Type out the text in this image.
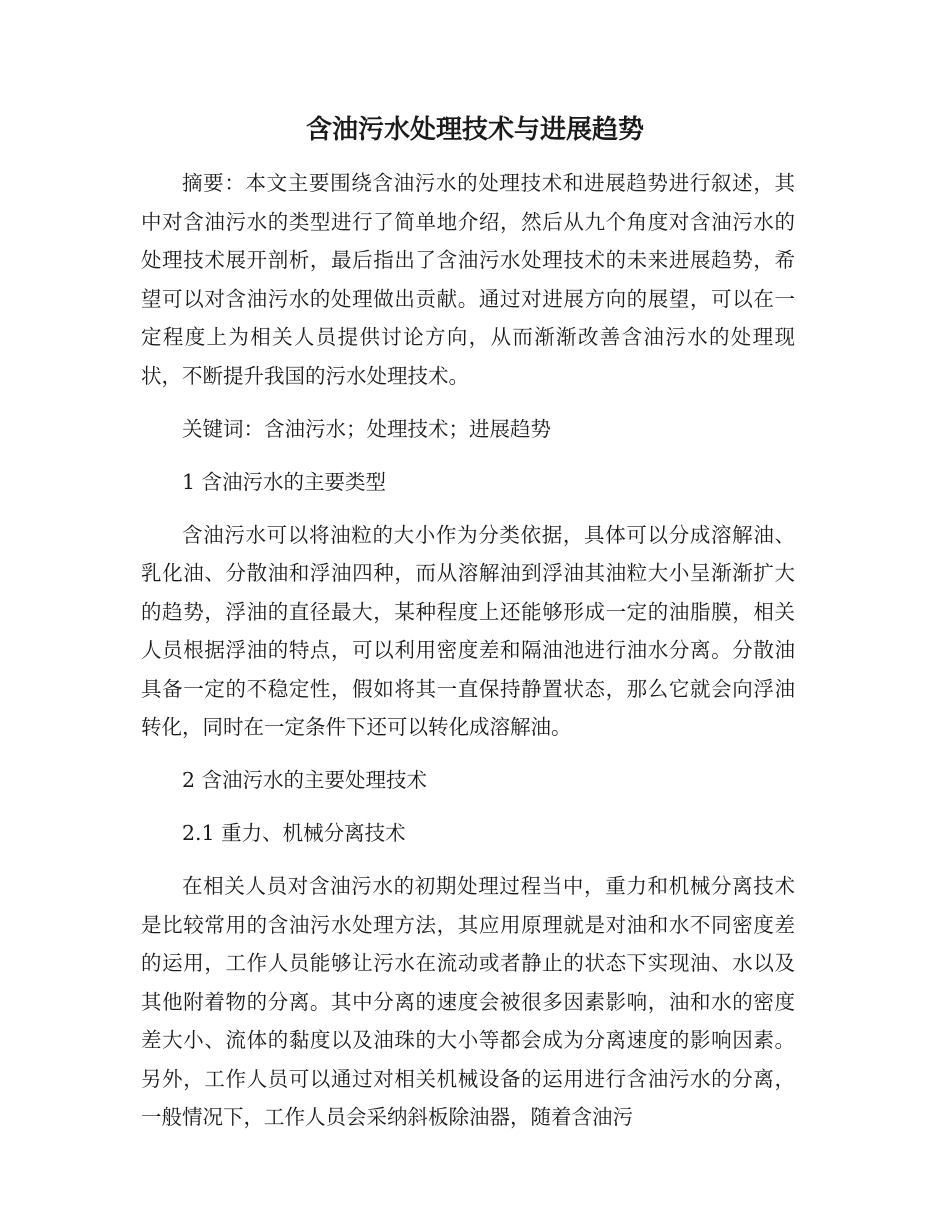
含油污水处理技术与进展趋势

摘要：本文主要围绕含油污水的处理技术和进展趋势进行叙述，其中对含油污水的类型进行了简单地介绍，然后从九个角度对含油污水的处理技术展开剖析，最后指出了含油污水处理技术的未来进展趋势，希望可以对含油污水的处理做出贡献。通过对进展方向的展望，可以在一定程度上为相关人员提供讨论方向，从而渐渐改善含油污水的处理现状，不断提升我国的污水处理技术。

关键词：含油污水；处理技术；进展趋势

1 含油污水的主要类型

含油污水可以将油粒的大小作为分类依据，具体可以分成溶解油、乳化油、分散油和浮油四种，而从溶解油到浮油其油粒大小呈渐渐扩大的趋势，浮油的直径最大，某种程度上还能够形成一定的油脂膜，相关人员根据浮油的特点，可以利用密度差和隔油池进行油水分离。分散油具备一定的不稳定性，假如将其一直保持静置状态，那么它就会向浮油转化，同时在一定条件下还可以转化成溶解油。

2 含油污水的主要处理技术

2.1 重力、机械分离技术

在相关人员对含油污水的初期处理过程当中，重力和机械分离技术是比较常用的含油污水处理方法，其应用原理就是对油和水不同密度差的运用，工作人员能够让污水在流动或者静止的状态下实现油、水以及其他附着物的分离。其中分离的速度会被很多因素影响，油和水的密度差大小、流体的黏度以及油珠的大小等都会成为分离速度的影响因素。另外，工作人员可以通过对相关机械设备的运用进行含油污水的分离，一般情况下，工作人员会采纳斜板除油器，随着含油污
